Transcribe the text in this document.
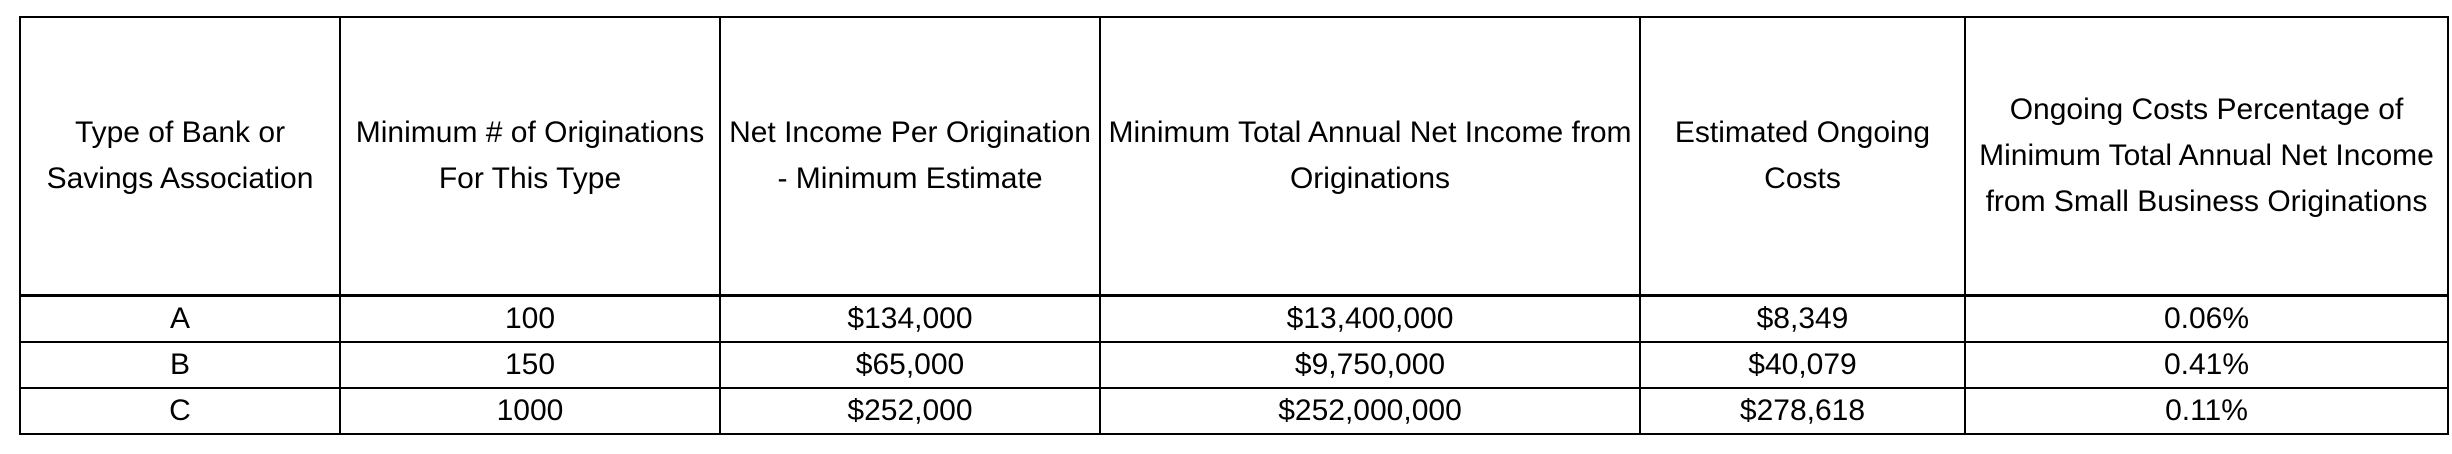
Type of Bank or Savings Association	Minimum # of Originations For This Type	Net Income Per Origination - Minimum Estimate	Minimum Total Annual Net Income from Originations	Estimated Ongoing Costs	Ongoing Costs Percentage of Minimum Total Annual Net Income from Small Business Originations
A	100	$134,000	$13,400,000	$8,349	0.06%
B	150	$65,000	$9,750,000	$40,079	0.41%
C	1000	$252,000	$252,000,000	$278,618	0.11%
